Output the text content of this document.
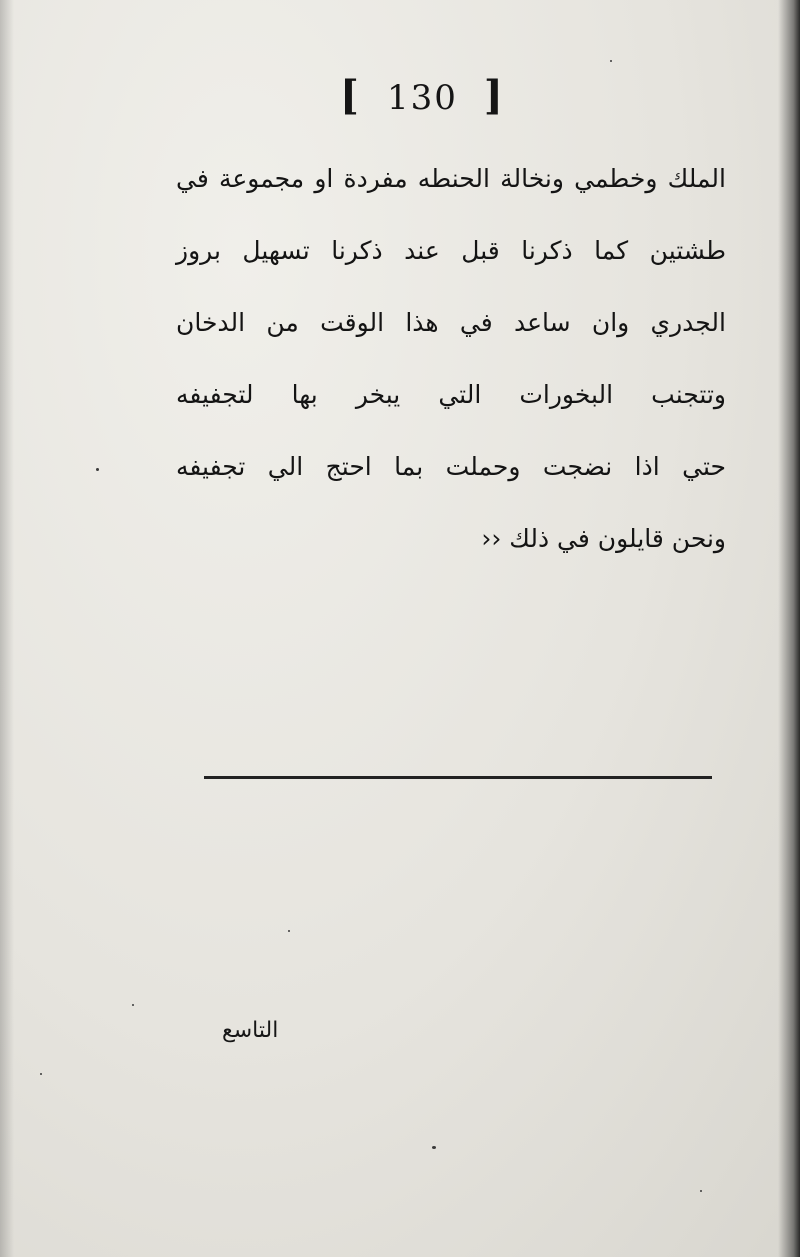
[ 130 ]
الملك وخطمي ونخالة الحنطه مفردة او مجموعة في
طشتين كما ذكرنا قبل عند ذكرنا تسهيل بروز
الجدري وان ساعد في هذا الوقت من الدخان
وتتجنب البخورات التي يبخر بها لتجفيفه
حتي اذا نضجت وحملت بما احتج الي تجفيفه
ونحن قايلون في ذلك ‹‹
التاسع
